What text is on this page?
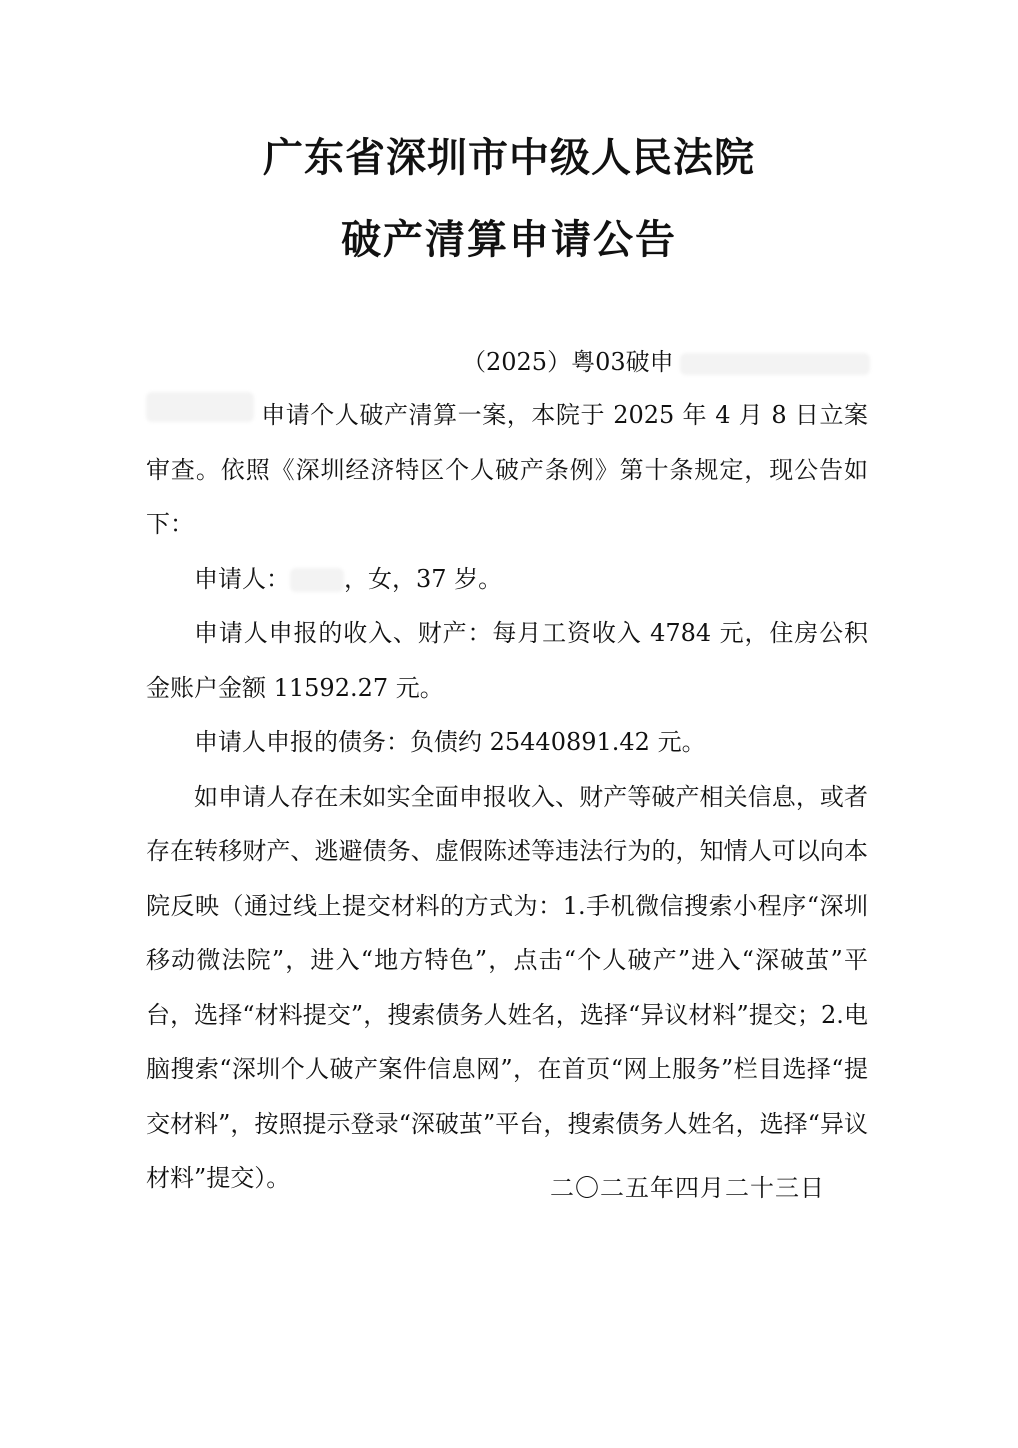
广东省深圳市中级人民法院
破产清算申请公告
（2025）粤03破申

申请个人破产清算一案，本院于 2025 年 4 月 8 日立案审查。依照《深圳经济特区个人破产条例》第十条规定，现公告如下：

申请人： ，女，37 岁。

申请人申报的收入、财产：每月工资收入 4784 元，住房公积金账户金额 11592.27 元。

申请人申报的债务：负债约 25440891.42 元。

如申请人存在未如实全面申报收入、财产等破产相关信息，或者存在转移财产、逃避债务、虚假陈述等违法行为的，知情人可以向本院反映（通过线上提交材料的方式为：1.手机微信搜索小程序“深圳移动微法院”，进入“地方特色”，点击“个人破产”进入“深破茧”平台，选择“材料提交”，搜索债务人姓名，选择“异议材料”提交；2.电脑搜索“深圳个人破产案件信息网”，在首页“网上服务”栏目选择“提交材料”，按照提示登录“深破茧”平台，搜索债务人姓名，选择“异议材料”提交）。	二〇二五年四月二十三日
